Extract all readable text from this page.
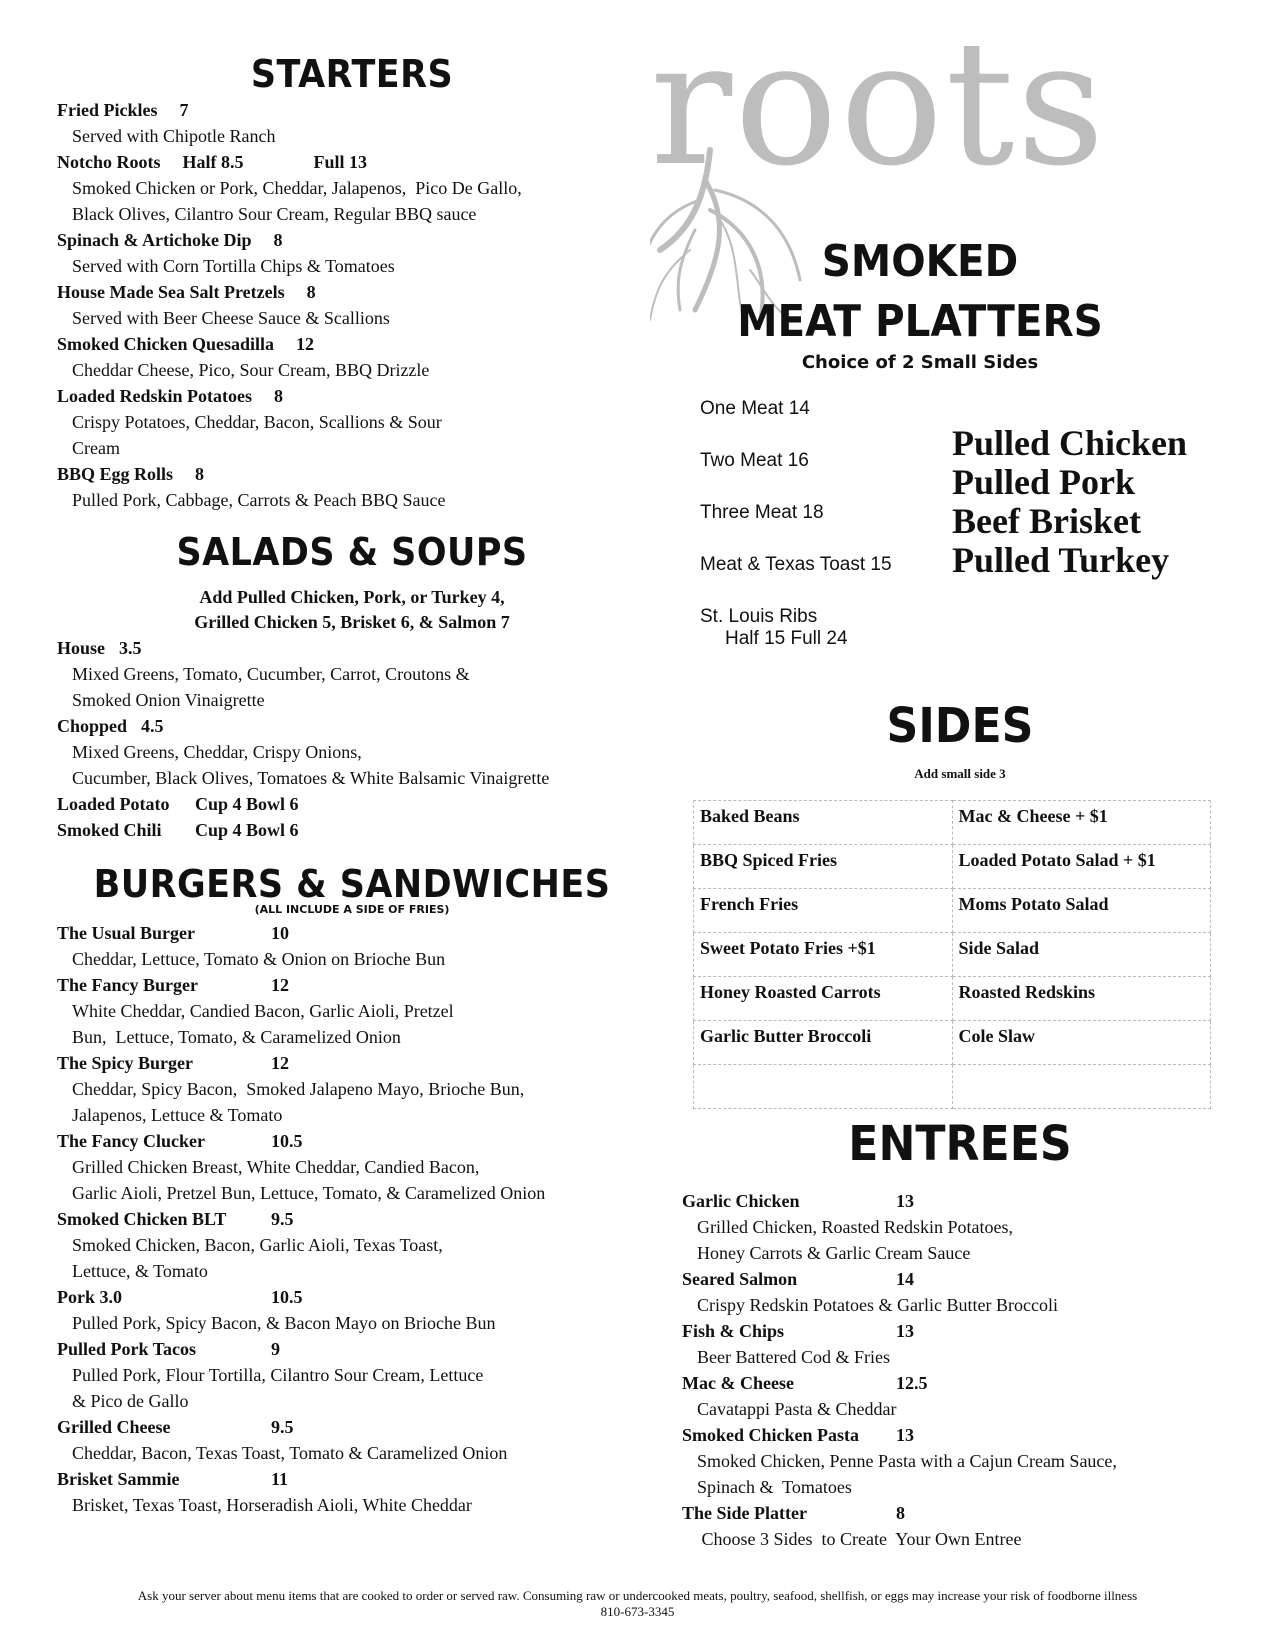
roots
STARTERS
Fried Pickles 7
Served with Chipotle Ranch
Notcho Roots Half 8.5	Full 13
Smoked Chicken or Pork, Cheddar, Jalapenos,  Pico De Gallo,
Black Olives, Cilantro Sour Cream, Regular BBQ sauce
Spinach & Artichoke Dip 8
Served with Corn Tortilla Chips & Tomatoes
House Made Sea Salt Pretzels 8
Served with Beer Cheese Sauce & Scallions
Smoked Chicken Quesadilla 12
Cheddar Cheese, Pico, Sour Cream, BBQ Drizzle
Loaded Redskin Potatoes 8
Crispy Potatoes, Cheddar, Bacon, Scallions & Sour
Cream
BBQ Egg Rolls 8
Pulled Pork, Cabbage, Carrots & Peach BBQ Sauce
SALADS & SOUPS
Add Pulled Chicken, Pork, or Turkey 4,
Grilled Chicken 5, Brisket 6, & Salmon 7
House 3.5
Mixed Greens, Tomato, Cucumber, Carrot, Croutons &
Smoked Onion Vinaigrette
Chopped 4.5
Mixed Greens, Cheddar, Crispy Onions,
Cucumber, Black Olives, Tomatoes & White Balsamic Vinaigrette
Loaded Potato Cup 4 Bowl 6
Smoked Chili Cup 4 Bowl 6
BURGERS & SANDWICHES
(ALL INCLUDE A SIDE OF FRIES)
The Usual Burger	10
Cheddar, Lettuce, Tomato & Onion on Brioche Bun
The Fancy Burger	12
White Cheddar, Candied Bacon, Garlic Aioli, Pretzel
Bun,  Lettuce, Tomato, & Caramelized Onion
The Spicy Burger	12
Cheddar, Spicy Bacon,  Smoked Jalapeno Mayo, Brioche Bun,
Jalapenos, Lettuce & Tomato
The Fancy Clucker	10.5
Grilled Chicken Breast, White Cheddar, Candied Bacon,
Garlic Aioli, Pretzel Bun, Lettuce, Tomato, & Caramelized Onion
Smoked Chicken BLT 9.5
Smoked Chicken, Bacon, Garlic Aioli, Texas Toast,
Lettuce, & Tomato
Pork 3.0	10.5
Pulled Pork, Spicy Bacon, & Bacon Mayo on Brioche Bun
Pulled Pork Tacos	9
Pulled Pork, Flour Tortilla, Cilantro Sour Cream, Lettuce
& Pico de Gallo
Grilled Cheese	9.5
Cheddar, Bacon, Texas Toast, Tomato & Caramelized Onion
Brisket Sammie	11
Brisket, Texas Toast, Horseradish Aioli, White Cheddar
SMOKED
MEAT PLATTERS
Choice of 2 Small Sides
One Meat 14
Two Meat 16
Three Meat 18
Meat & Texas Toast 15
St. Louis Ribs
Half 15 Full 24
Pulled Chicken
Pulled Pork
Beef Brisket
Pulled Turkey
SIDES
Add small side 3
Baked Beans	Mac & Cheese + $1
BBQ Spiced Fries	Loaded Potato Salad + $1
French Fries	Moms Potato Salad
Sweet Potato Fries +$1	Side Salad
Honey Roasted Carrots	Roasted Redskins
Garlic Butter Broccoli	Cole Slaw

ENTREES
Garlic Chicken	13
Grilled Chicken, Roasted Redskin Potatoes,
Honey Carrots & Garlic Cream Sauce
Seared Salmon	14
Crispy Redskin Potatoes & Garlic Butter Broccoli
Fish & Chips	13
Beer Battered Cod & Fries
Mac & Cheese	12.5
Cavatappi Pasta & Cheddar
Smoked Chicken Pasta 13
Smoked Chicken, Penne Pasta with a Cajun Cream Sauce,
Spinach &  Tomatoes
The Side Platter	8
Choose 3 Sides  to Create  Your Own Entree
Ask your server about menu items that are cooked to order or served raw. Consuming raw or undercooked meats, poultry, seafood, shellfish, or eggs may increase your risk of foodborne illness
810-673-3345
